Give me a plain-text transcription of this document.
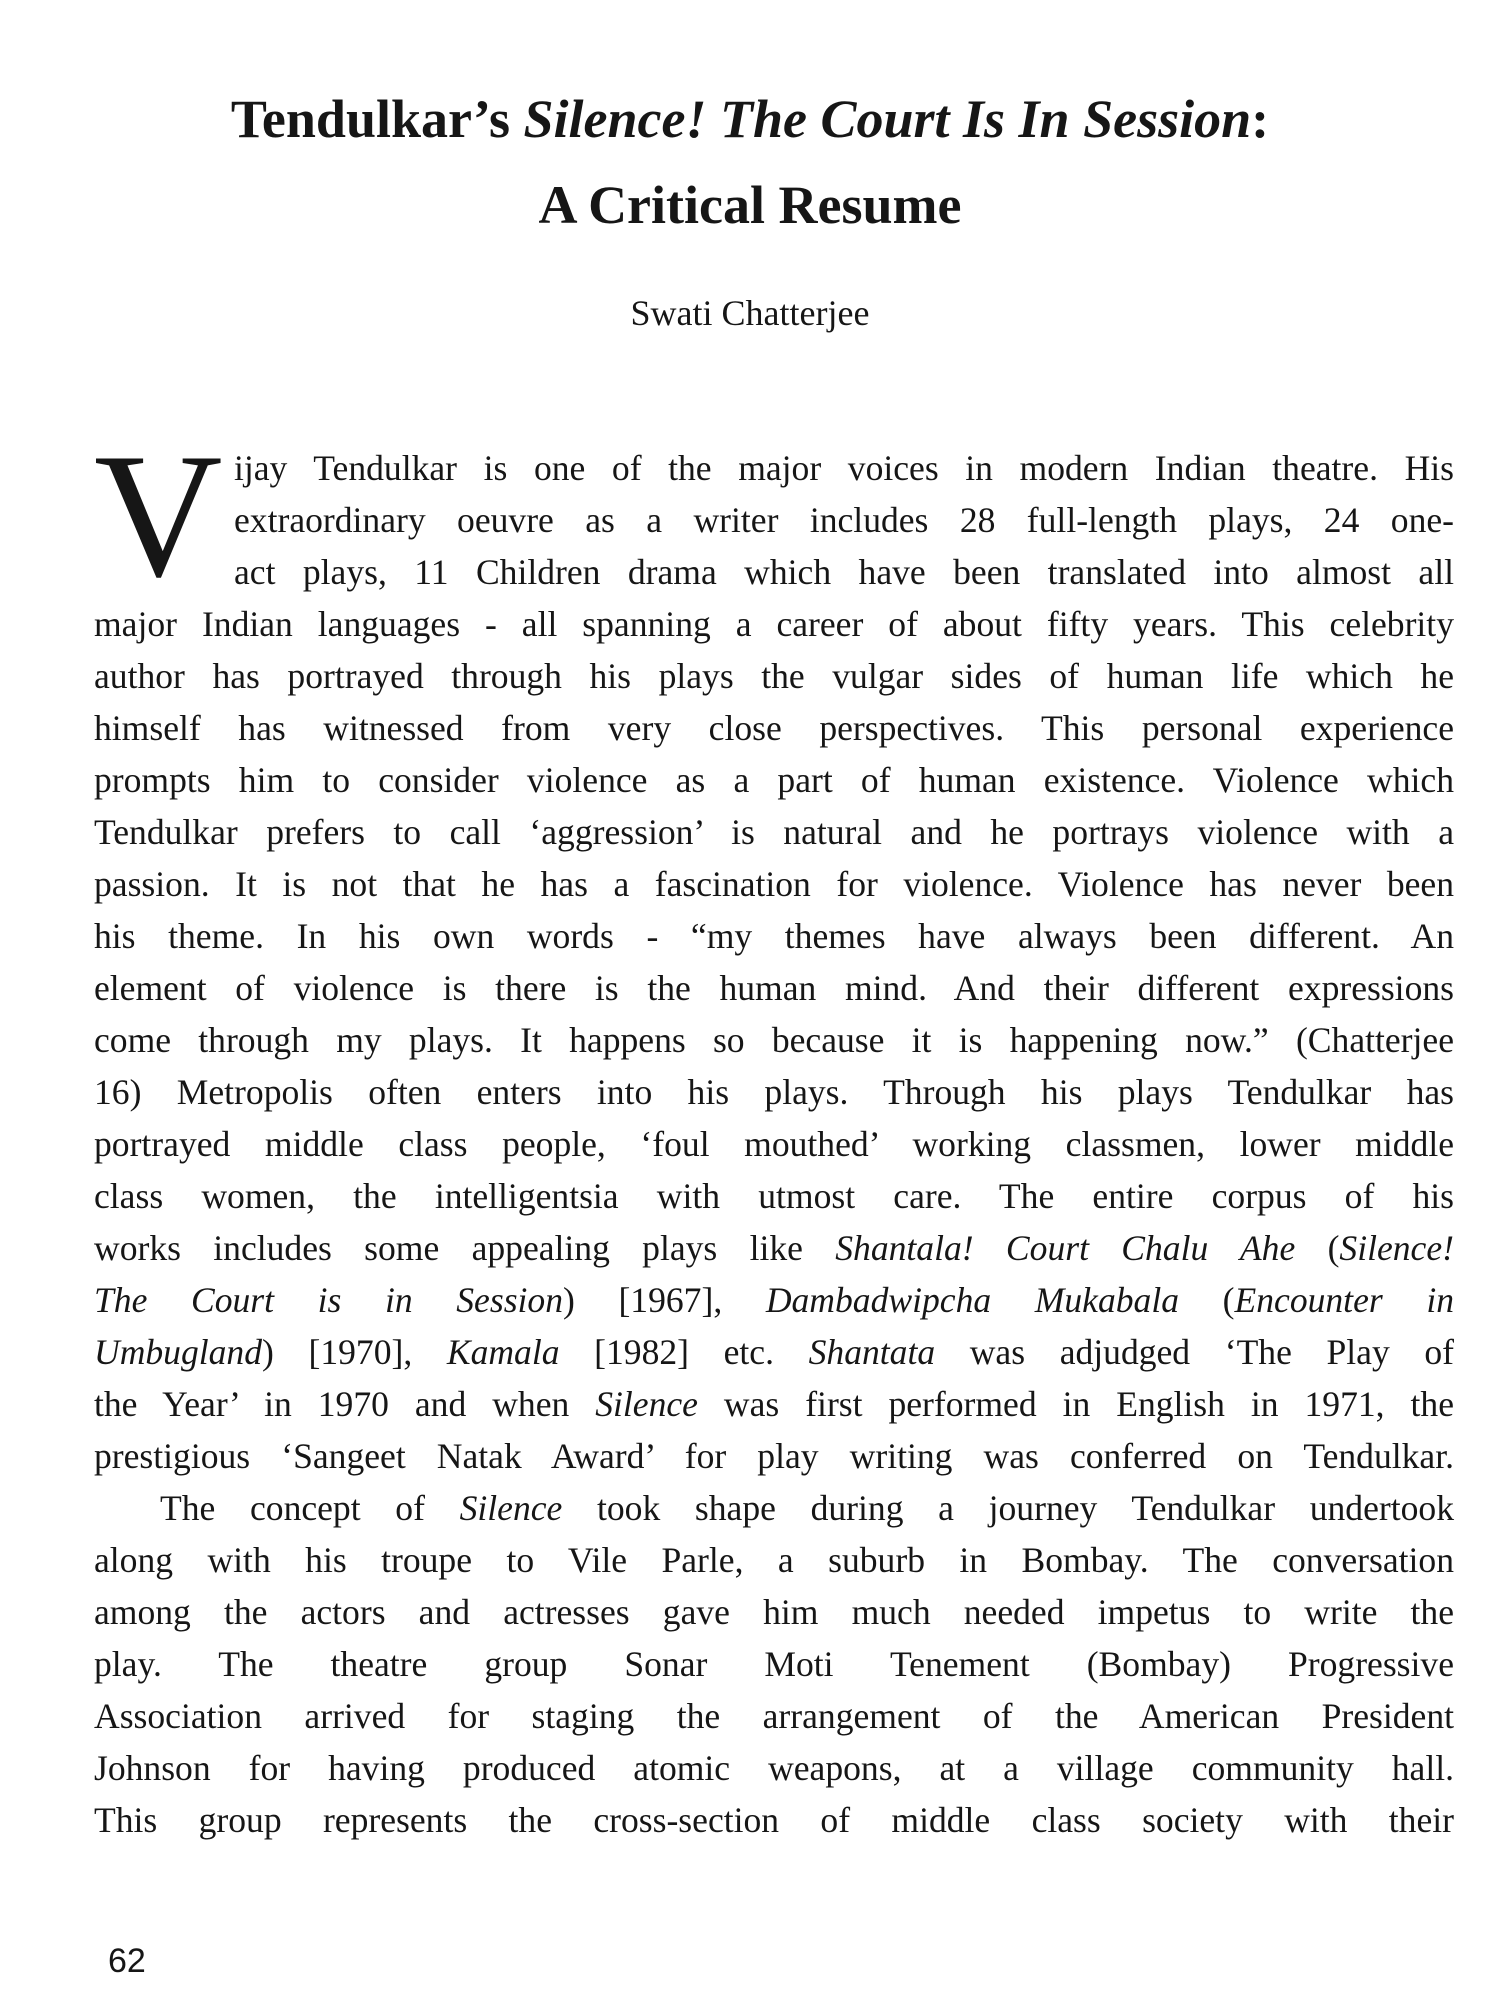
Tendulkar’s Silence! The Court Is In Session:
A Critical Resume

Swati Chatterjee

V ijay Tendulkar is one of the major voices in modern Indian theatre. His
extraordinary oeuvre as a writer includes 28 full-length plays, 24 one-
act plays, 11 Children drama which have been translated into almost all
major Indian languages - all spanning a career of about fifty years. This celebrity
author has portrayed through his plays the vulgar sides of human life which he
himself has witnessed from very close perspectives. This personal experience
prompts him to consider violence as a part of human existence. Violence which
Tendulkar prefers to call ‘aggression’ is natural and he portrays violence with a
passion. It is not that he has a fascination for violence. Violence has never been
his theme. In his own words - “my themes have always been different. An
element of violence is there is the human mind. And their different expressions
come through my plays. It happens so because it is happening now.” (Chatterjee
16) Metropolis often enters into his plays. Through his plays Tendulkar has
portrayed middle class people, ‘foul mouthed’ working classmen, lower middle
class women, the intelligentsia with utmost care. The entire corpus of his
works includes some appealing plays like Shantala! Court Chalu Ahe (Silence!
The Court is in Session) [1967], Dambadwipcha Mukabala (Encounter in
Umbugland) [1970], Kamala [1982] etc. Shantata was adjudged ‘The Play of
the Year’ in 1970 and when Silence was first performed in English in 1971, the
prestigious ‘Sangeet Natak Award’ for play writing was conferred on Tendulkar.
The concept of Silence took shape during a journey Tendulkar undertook
along with his troupe to Vile Parle, a suburb in Bombay. The conversation
among the actors and actresses gave him much needed impetus to write the
play. The theatre group Sonar Moti Tenement (Bombay) Progressive
Association arrived for staging the arrangement of the American President
Johnson for having produced atomic weapons, at a village community hall.
This group represents the cross-section of middle class society with their
62
